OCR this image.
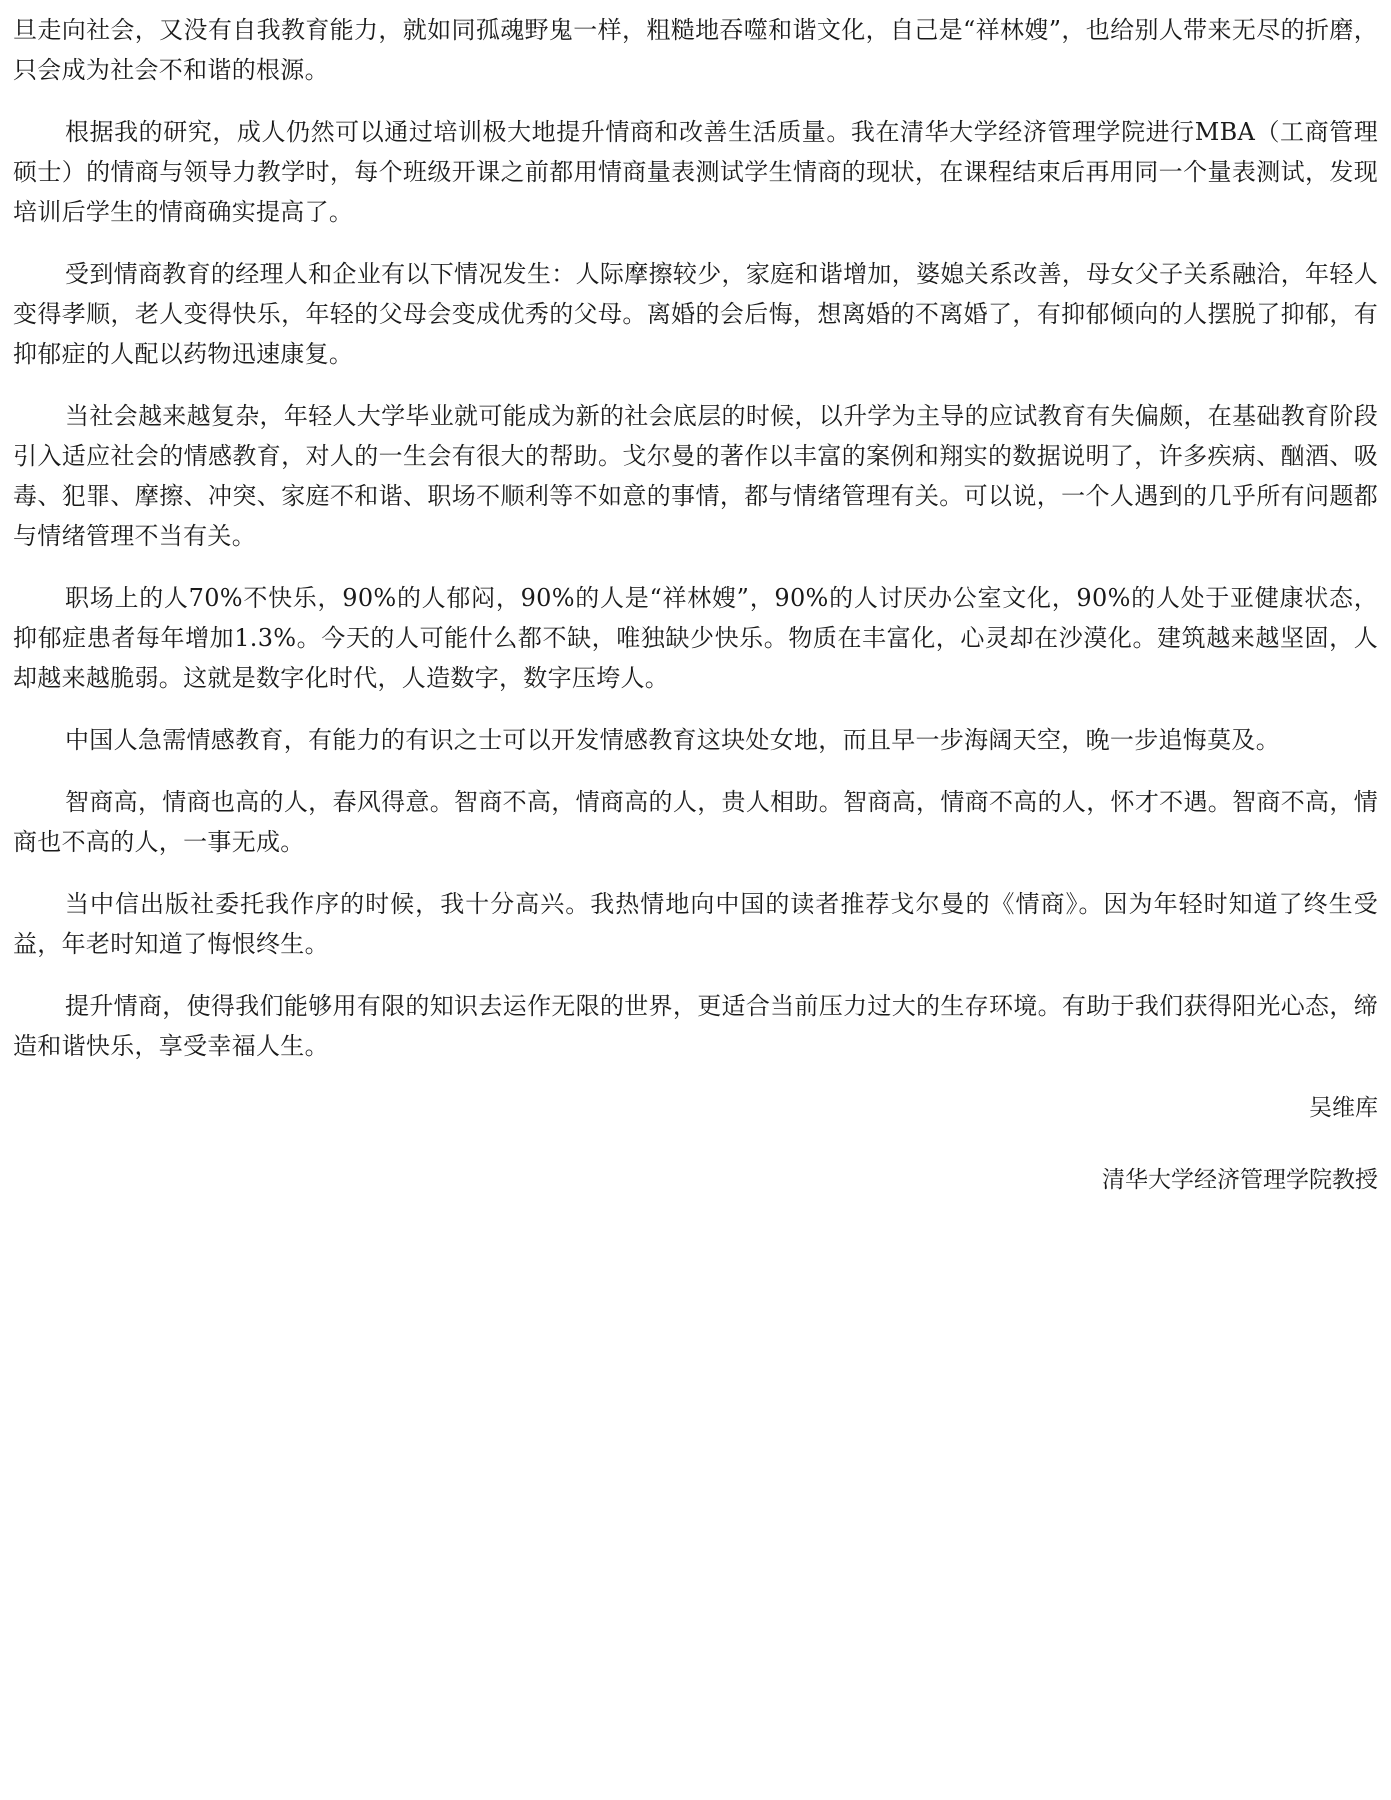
旦走向社会，又没有自我教育能力，就如同孤魂野鬼一样，粗糙地吞噬和谐文化，自己是“祥林嫂”，也给别人带来无尽的折磨，只会成为社会不和谐的根源。

根据我的研究，成人仍然可以通过培训极大地提升情商和改善生活质量。我在清华大学经济管理学院进行MBA（工商管理硕士）的情商与领导力教学时，每个班级开课之前都用情商量表测试学生情商的现状，在课程结束后再用同一个量表测试，发现培训后学生的情商确实提高了。

受到情商教育的经理人和企业有以下情况发生：人际摩擦较少，家庭和谐增加，婆媳关系改善，母女父子关系融洽，年轻人变得孝顺，老人变得快乐，年轻的父母会变成优秀的父母。离婚的会后悔，想离婚的不离婚了，有抑郁倾向的人摆脱了抑郁，有抑郁症的人配以药物迅速康复。

当社会越来越复杂，年轻人大学毕业就可能成为新的社会底层的时候，以升学为主导的应试教育有失偏颇，在基础教育阶段引入适应社会的情感教育，对人的一生会有很大的帮助。戈尔曼的著作以丰富的案例和翔实的数据说明了，许多疾病、酗酒、吸毒、犯罪、摩擦、冲突、家庭不和谐、职场不顺利等不如意的事情，都与情绪管理有关。可以说，一个人遇到的几乎所有问题都与情绪管理不当有关。

职场上的人70%不快乐，90%的人郁闷，90%的人是“祥林嫂”，90%的人讨厌办公室文化，90%的人处于亚健康状态，抑郁症患者每年增加1.3%。今天的人可能什么都不缺，唯独缺少快乐。物质在丰富化，心灵却在沙漠化。建筑越来越坚固，人却越来越脆弱。这就是数字化时代，人造数字，数字压垮人。

中国人急需情感教育，有能力的有识之士可以开发情感教育这块处女地，而且早一步海阔天空，晚一步追悔莫及。

智商高，情商也高的人，春风得意。智商不高，情商高的人，贵人相助。智商高，情商不高的人，怀才不遇。智商不高，情商也不高的人，一事无成。

当中信出版社委托我作序的时候，我十分高兴。我热情地向中国的读者推荐戈尔曼的《情商》。因为年轻时知道了终生受益，年老时知道了悔恨终生。

提升情商，使得我们能够用有限的知识去运作无限的世界，更适合当前压力过大的生存环境。有助于我们获得阳光心态，缔造和谐快乐，享受幸福人生。

吴维库

清华大学经济管理学院教授
